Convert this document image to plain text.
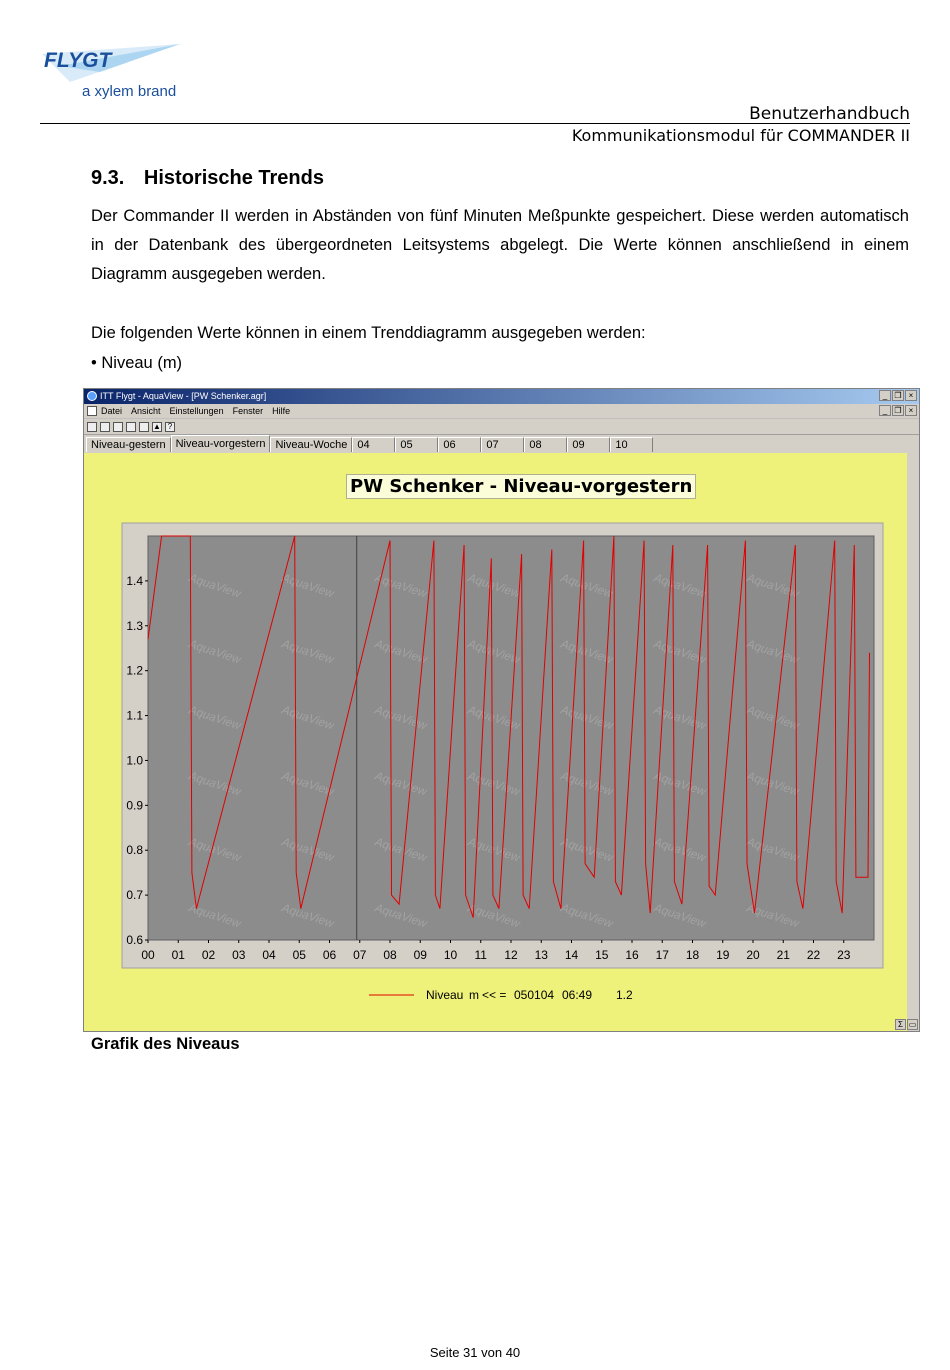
FLYGT
a xylem brand
Benutzerhandbuch
Kommunikationsmodul für COMMANDER II
9.3. Historische Trends
Der Commander II werden in Abständen von fünf Minuten Meßpunkte gespeichert. Diese werden automatisch in der Datenbank des übergeordneten Leitsystems abgelegt. Die Werte können anschließend in einem Diagramm ausgegeben werden.
Die folgenden Werte können in einem Trenddiagramm ausgegeben werden:
• Niveau (m)
ITT Flygt - AquaView - [PW Schenker.agr]	_ ❐ ×
Datei Ansicht Einstellungen Fenster Hilfe	_ ❐ ×
▲ ?
Niveau-gestern Niveau-vorgestern Niveau-Woche 04	05	06	07	08	09	10
PW Schenker - Niveau-vorgestern
AquaView	AquaView	AquaView	AquaView	AquaView	AquaView	AquaView
AquaView	AquaView	AquaView	AquaView	AquaView	AquaView	AquaView
AquaView	AquaView	AquaView	AquaView	AquaView	AquaView	AquaView
AquaView	AquaView	AquaView	AquaView	AquaView	AquaView	AquaView
AquaView	AquaView	AquaView	AquaView	AquaView	AquaView	AquaView
AquaView	AquaView	AquaView	AquaView	AquaView	AquaView	AquaView
0.6
0.7
0.8
0.9
1.0
1.1
1.2
1.3
1.4
00 01 02 03 04 05 06 07 08 09 10 11 12 13 14 15 16 17 18 19 20 21 22 23
Niveau m << = 050104 06:49 1.2
Σ ▭
Grafik des Niveaus
Seite 31 von 40
